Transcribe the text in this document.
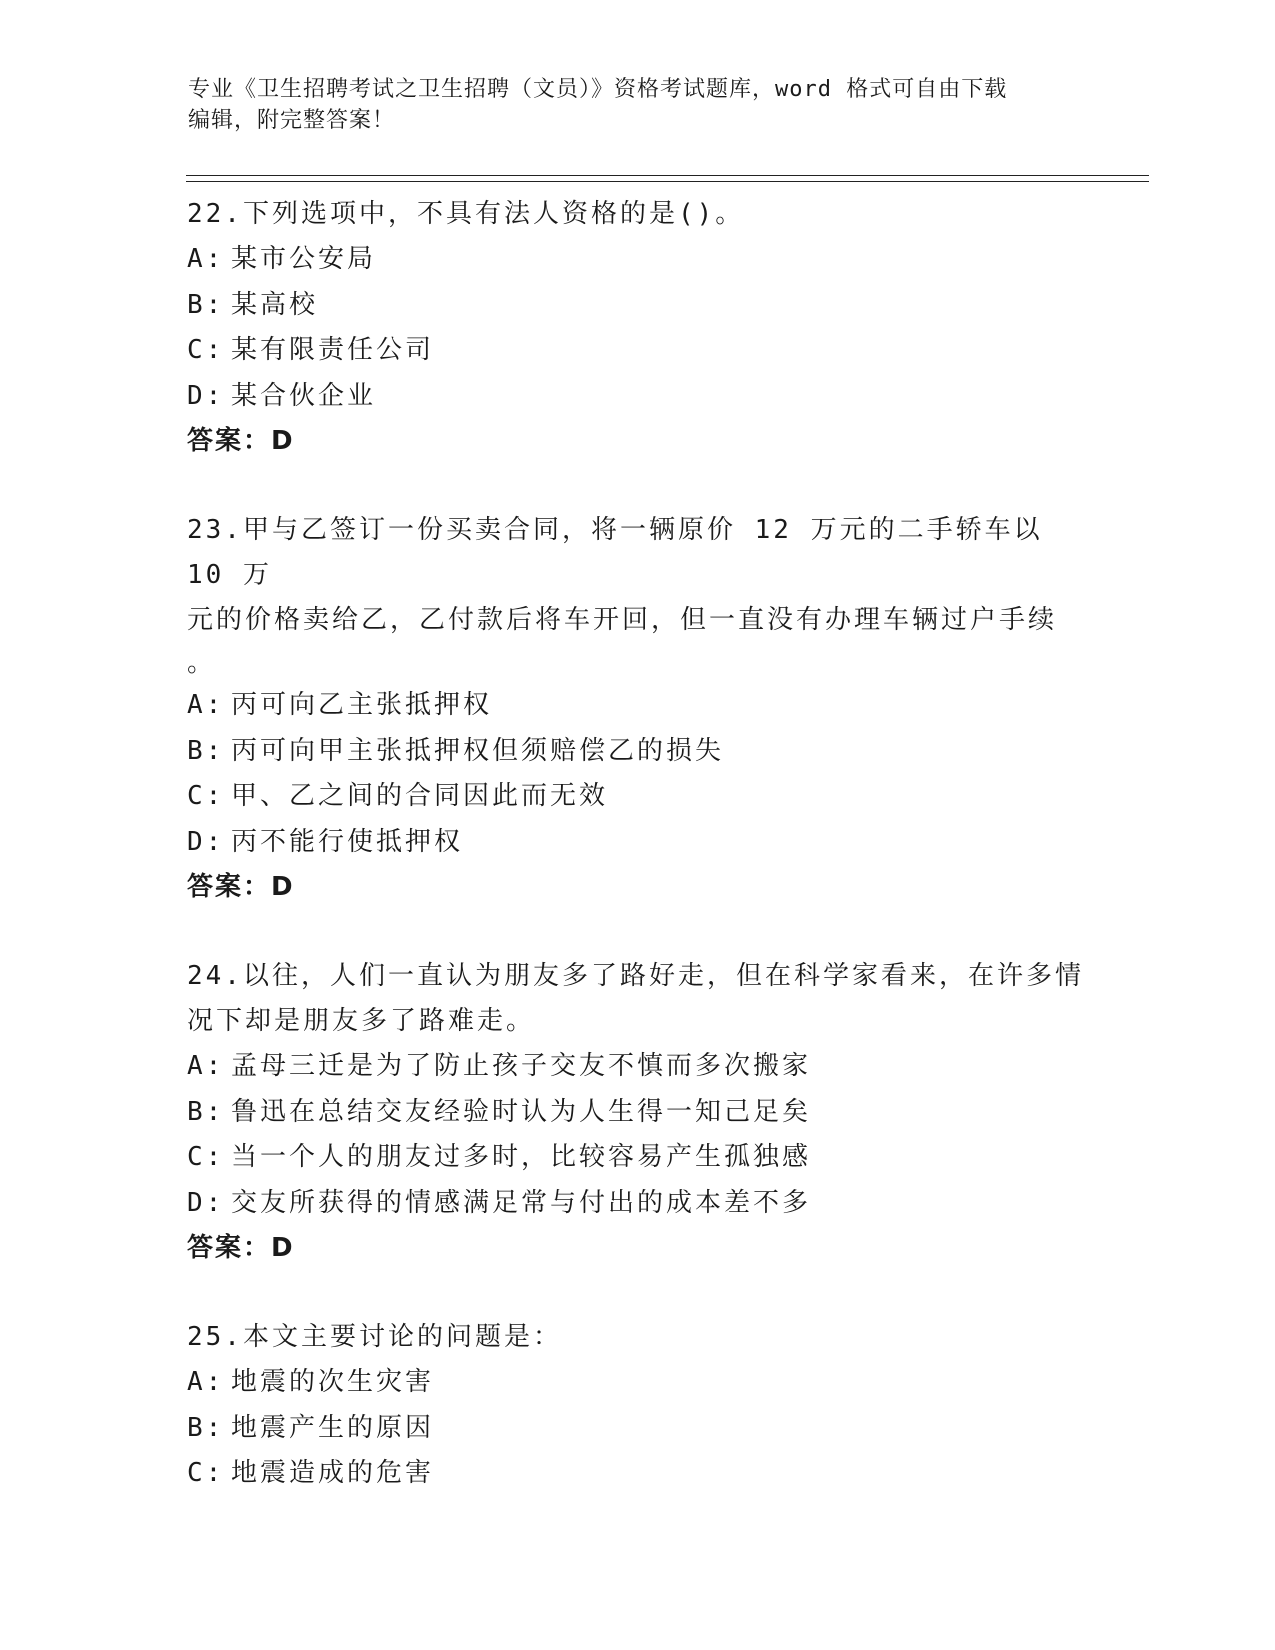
专业《卫生招聘考试之卫生招聘（文员）》资格考试题库，word 格式可自由下载
编辑，附完整答案！
22.下列选项中，不具有法人资格的是()。
A: 某市公安局
B: 某高校
C: 某有限责任公司
D: 某合伙企业
答案：D
23.甲与乙签订一份买卖合同，将一辆原价 12 万元的二手轿车以 10 万
元的价格卖给乙，乙付款后将车开回，但一直没有办理车辆过户手续
。
A: 丙可向乙主张抵押权
B: 丙可向甲主张抵押权但须赔偿乙的损失
C: 甲、乙之间的合同因此而无效
D: 丙不能行使抵押权
答案：D
24.以往，人们一直认为朋友多了路好走，但在科学家看来，在许多情
况下却是朋友多了路难走。
A: 孟母三迁是为了防止孩子交友不慎而多次搬家
B: 鲁迅在总结交友经验时认为人生得一知己足矣
C: 当一个人的朋友过多时，比较容易产生孤独感
D: 交友所获得的情感满足常与付出的成本差不多
答案：D
25.本文主要讨论的问题是：
A: 地震的次生灾害
B: 地震产生的原因
C: 地震造成的危害
